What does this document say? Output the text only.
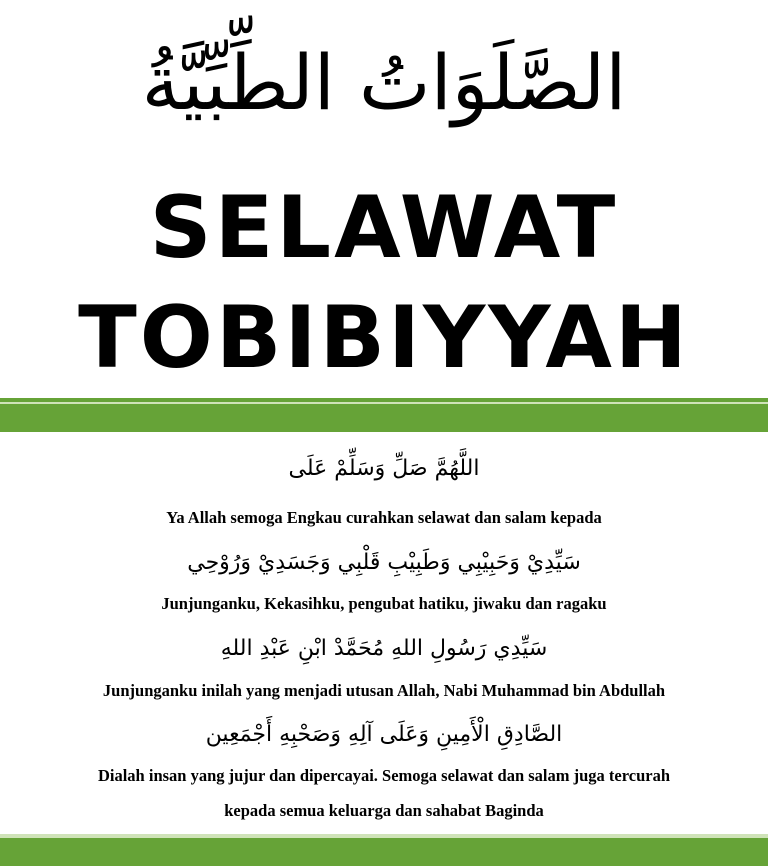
الصَّلَوَاتُ الطِّبِّيَّةُ
SELAWAT
TOBIBIYYAH
اللَّهُمَّ صَلِّ وَسَلِّمْ عَلَى
Ya Allah semoga Engkau curahkan selawat dan salam kepada
سَيِّدِيْ وَحَبِيْبِي وَطَبِيْبِ قَلْبِي وَجَسَدِيْ وَرُوْحِي
Junjunganku, Kekasihku, pengubat hatiku, jiwaku dan ragaku
سَيِّدِي رَسُولِ اللهِ مُحَمَّدْ ابْنِ عَبْدِ اللهِ
Junjunganku inilah yang menjadi utusan Allah, Nabi Muhammad bin Abdullah
الصَّادِقِ الْأَمِينِ وَعَلَى آلِهِ وَصَحْبِهِ أَجْمَعِين
Dialah insan yang jujur dan dipercayai. Semoga selawat dan salam juga tercurah
kepada semua keluarga dan sahabat Baginda
